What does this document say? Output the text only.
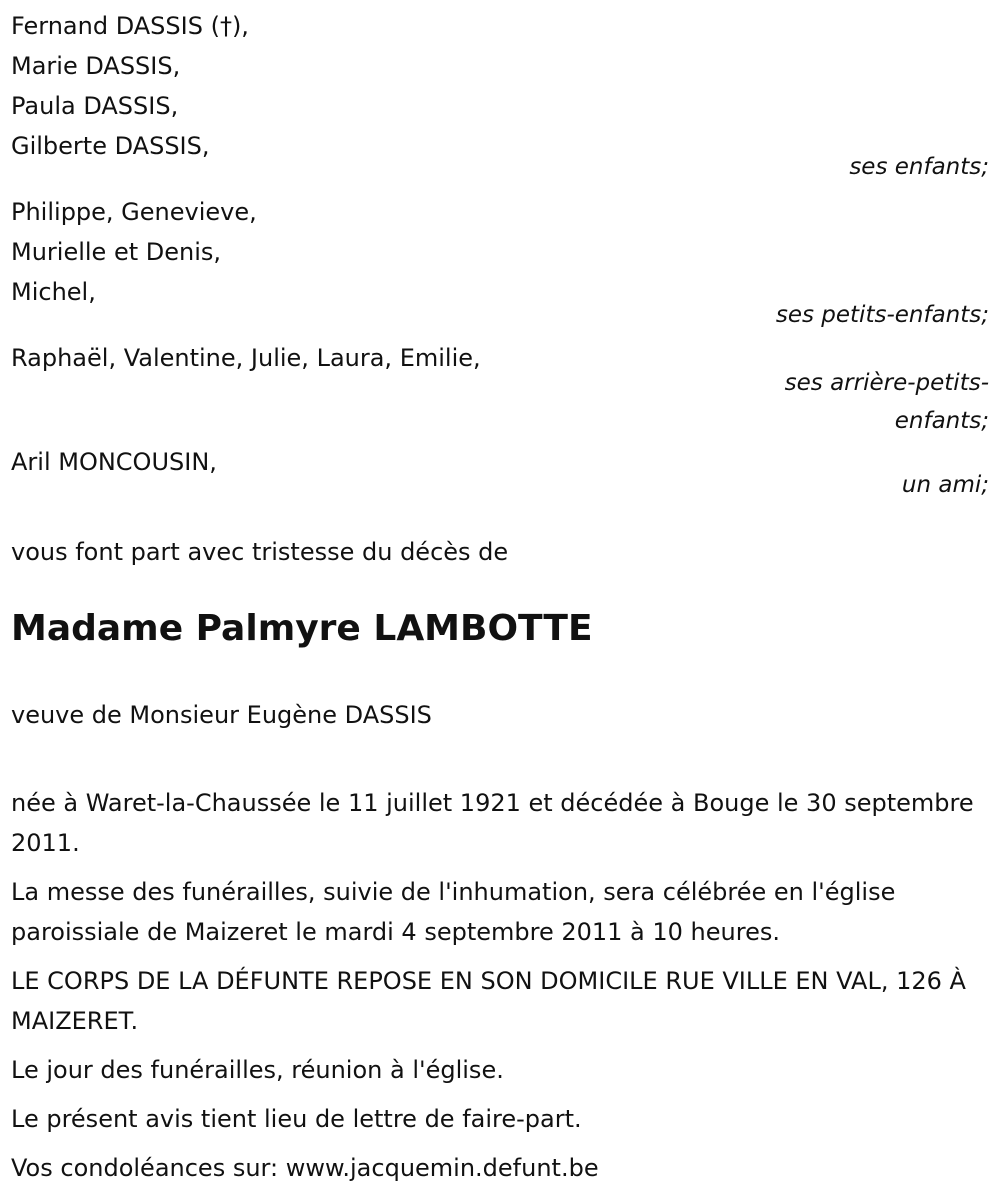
Fernand DASSIS (†),
Marie DASSIS,
Paula DASSIS,
Gilberte DASSIS,
ses enfants;
Philippe, Genevieve,
Murielle et Denis,
Michel,
ses petits-enfants;
Raphaël, Valentine, Julie, Laura, Emilie,
ses arrière-petits-
enfants;
Aril MONCOUSIN,
un ami;
vous font part avec tristesse du décès de
Madame Palmyre LAMBOTTE
veuve de Monsieur Eugène DASSIS

née à Waret-la-Chaussée le 11 juillet 1921 et décédée à Bouge le 30 septembre 2011.

La messe des funérailles, suivie de l'inhumation, sera célébrée en l'église paroissiale de Maizeret le mardi 4 septembre 2011 à 10 heures.

LE CORPS DE LA DÉFUNTE REPOSE EN SON DOMICILE RUE VILLE EN VAL, 126 À MAIZERET.

Le jour des funérailles, réunion à l'église.

Le présent avis tient lieu de lettre de faire-part.

Vos condoléances sur: www.jacquemin.defunt.be
